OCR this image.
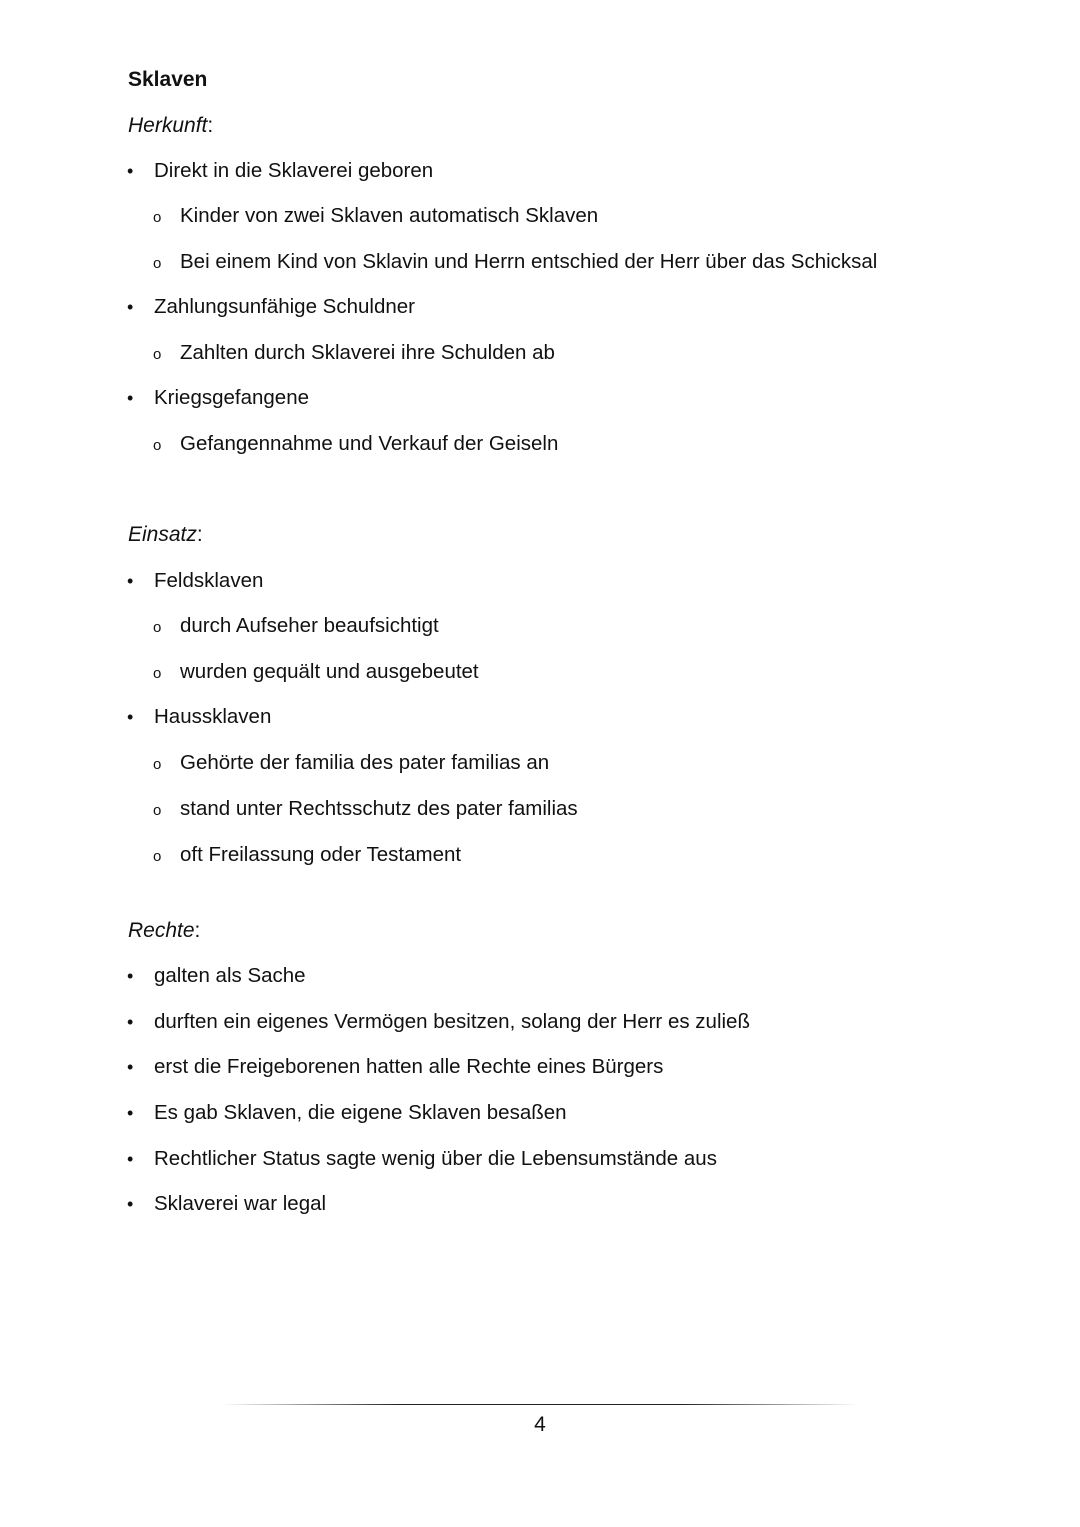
Sklaven
Herkunft:
• Direkt in die Sklaverei geboren
o Kinder von zwei Sklaven automatisch Sklaven
o Bei einem Kind von Sklavin und Herrn entschied der Herr über das Schicksal
• Zahlungsunfähige Schuldner
o Zahlten durch Sklaverei ihre Schulden ab
• Kriegsgefangene
o Gefangennahme und Verkauf der Geiseln
Einsatz:
• Feldsklaven
o durch Aufseher beaufsichtigt
o wurden gequält und ausgebeutet
• Haussklaven
o Gehörte der familia des pater familias an
o stand unter Rechtsschutz des pater familias
o oft Freilassung oder Testament
Rechte:
• galten als Sache
• durften ein eigenes Vermögen besitzen, solang der Herr es zuließ
• erst die Freigeborenen hatten alle Rechte eines Bürgers
• Es gab Sklaven, die eigene Sklaven besaßen
• Rechtlicher Status sagte wenig über die Lebensumstände aus
• Sklaverei war legal
4
